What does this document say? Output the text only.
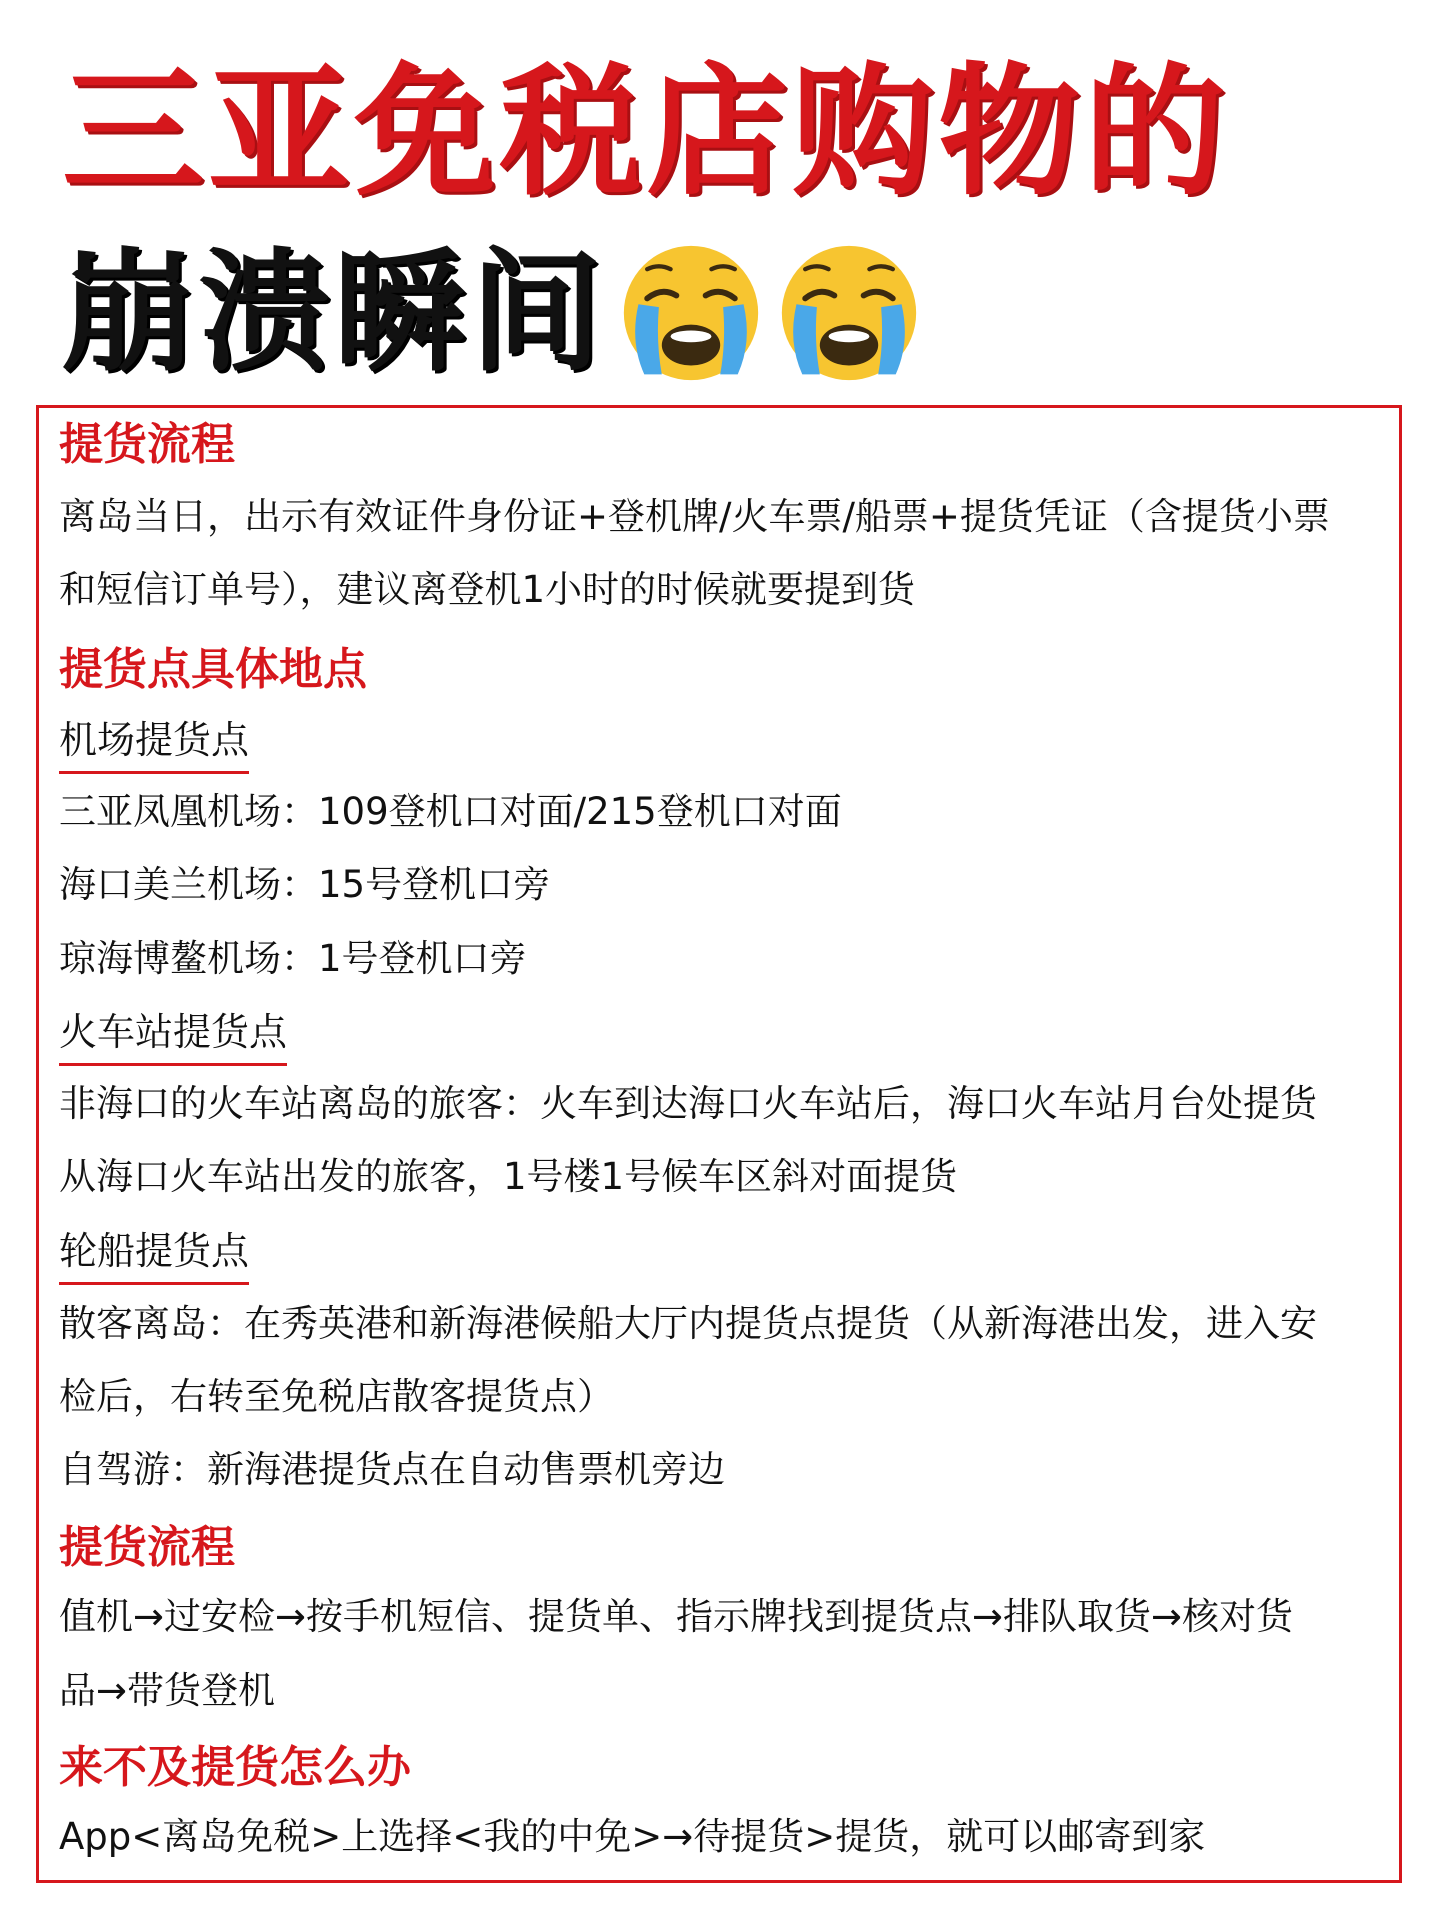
三亚免税店购物的
崩溃瞬间
提货流程
离岛当日，出示有效证件身份证+登机牌/火车票/船票+提货凭证（含提货小票
和短信订单号），建议离登机1小时的时候就要提到货
提货点具体地点
机场提货点
三亚凤凰机场：109登机口对面/215登机口对面
海口美兰机场：15号登机口旁
琼海博鳌机场：1号登机口旁
火车站提货点
非海口的火车站离岛的旅客：火车到达海口火车站后，海口火车站月台处提货
从海口火车站出发的旅客，1号楼1号候车区斜对面提货
轮船提货点
散客离岛：在秀英港和新海港候船大厅内提货点提货（从新海港出发，进入安
检后，右转至免税店散客提货点）
自驾游：新海港提货点在自动售票机旁边
提货流程
值机→过安检→按手机短信、提货单、指示牌找到提货点→排队取货→核对货
品→带货登机
来不及提货怎么办
App<离岛免税>上选择<我的中免>→待提货>提货，就可以邮寄到家
